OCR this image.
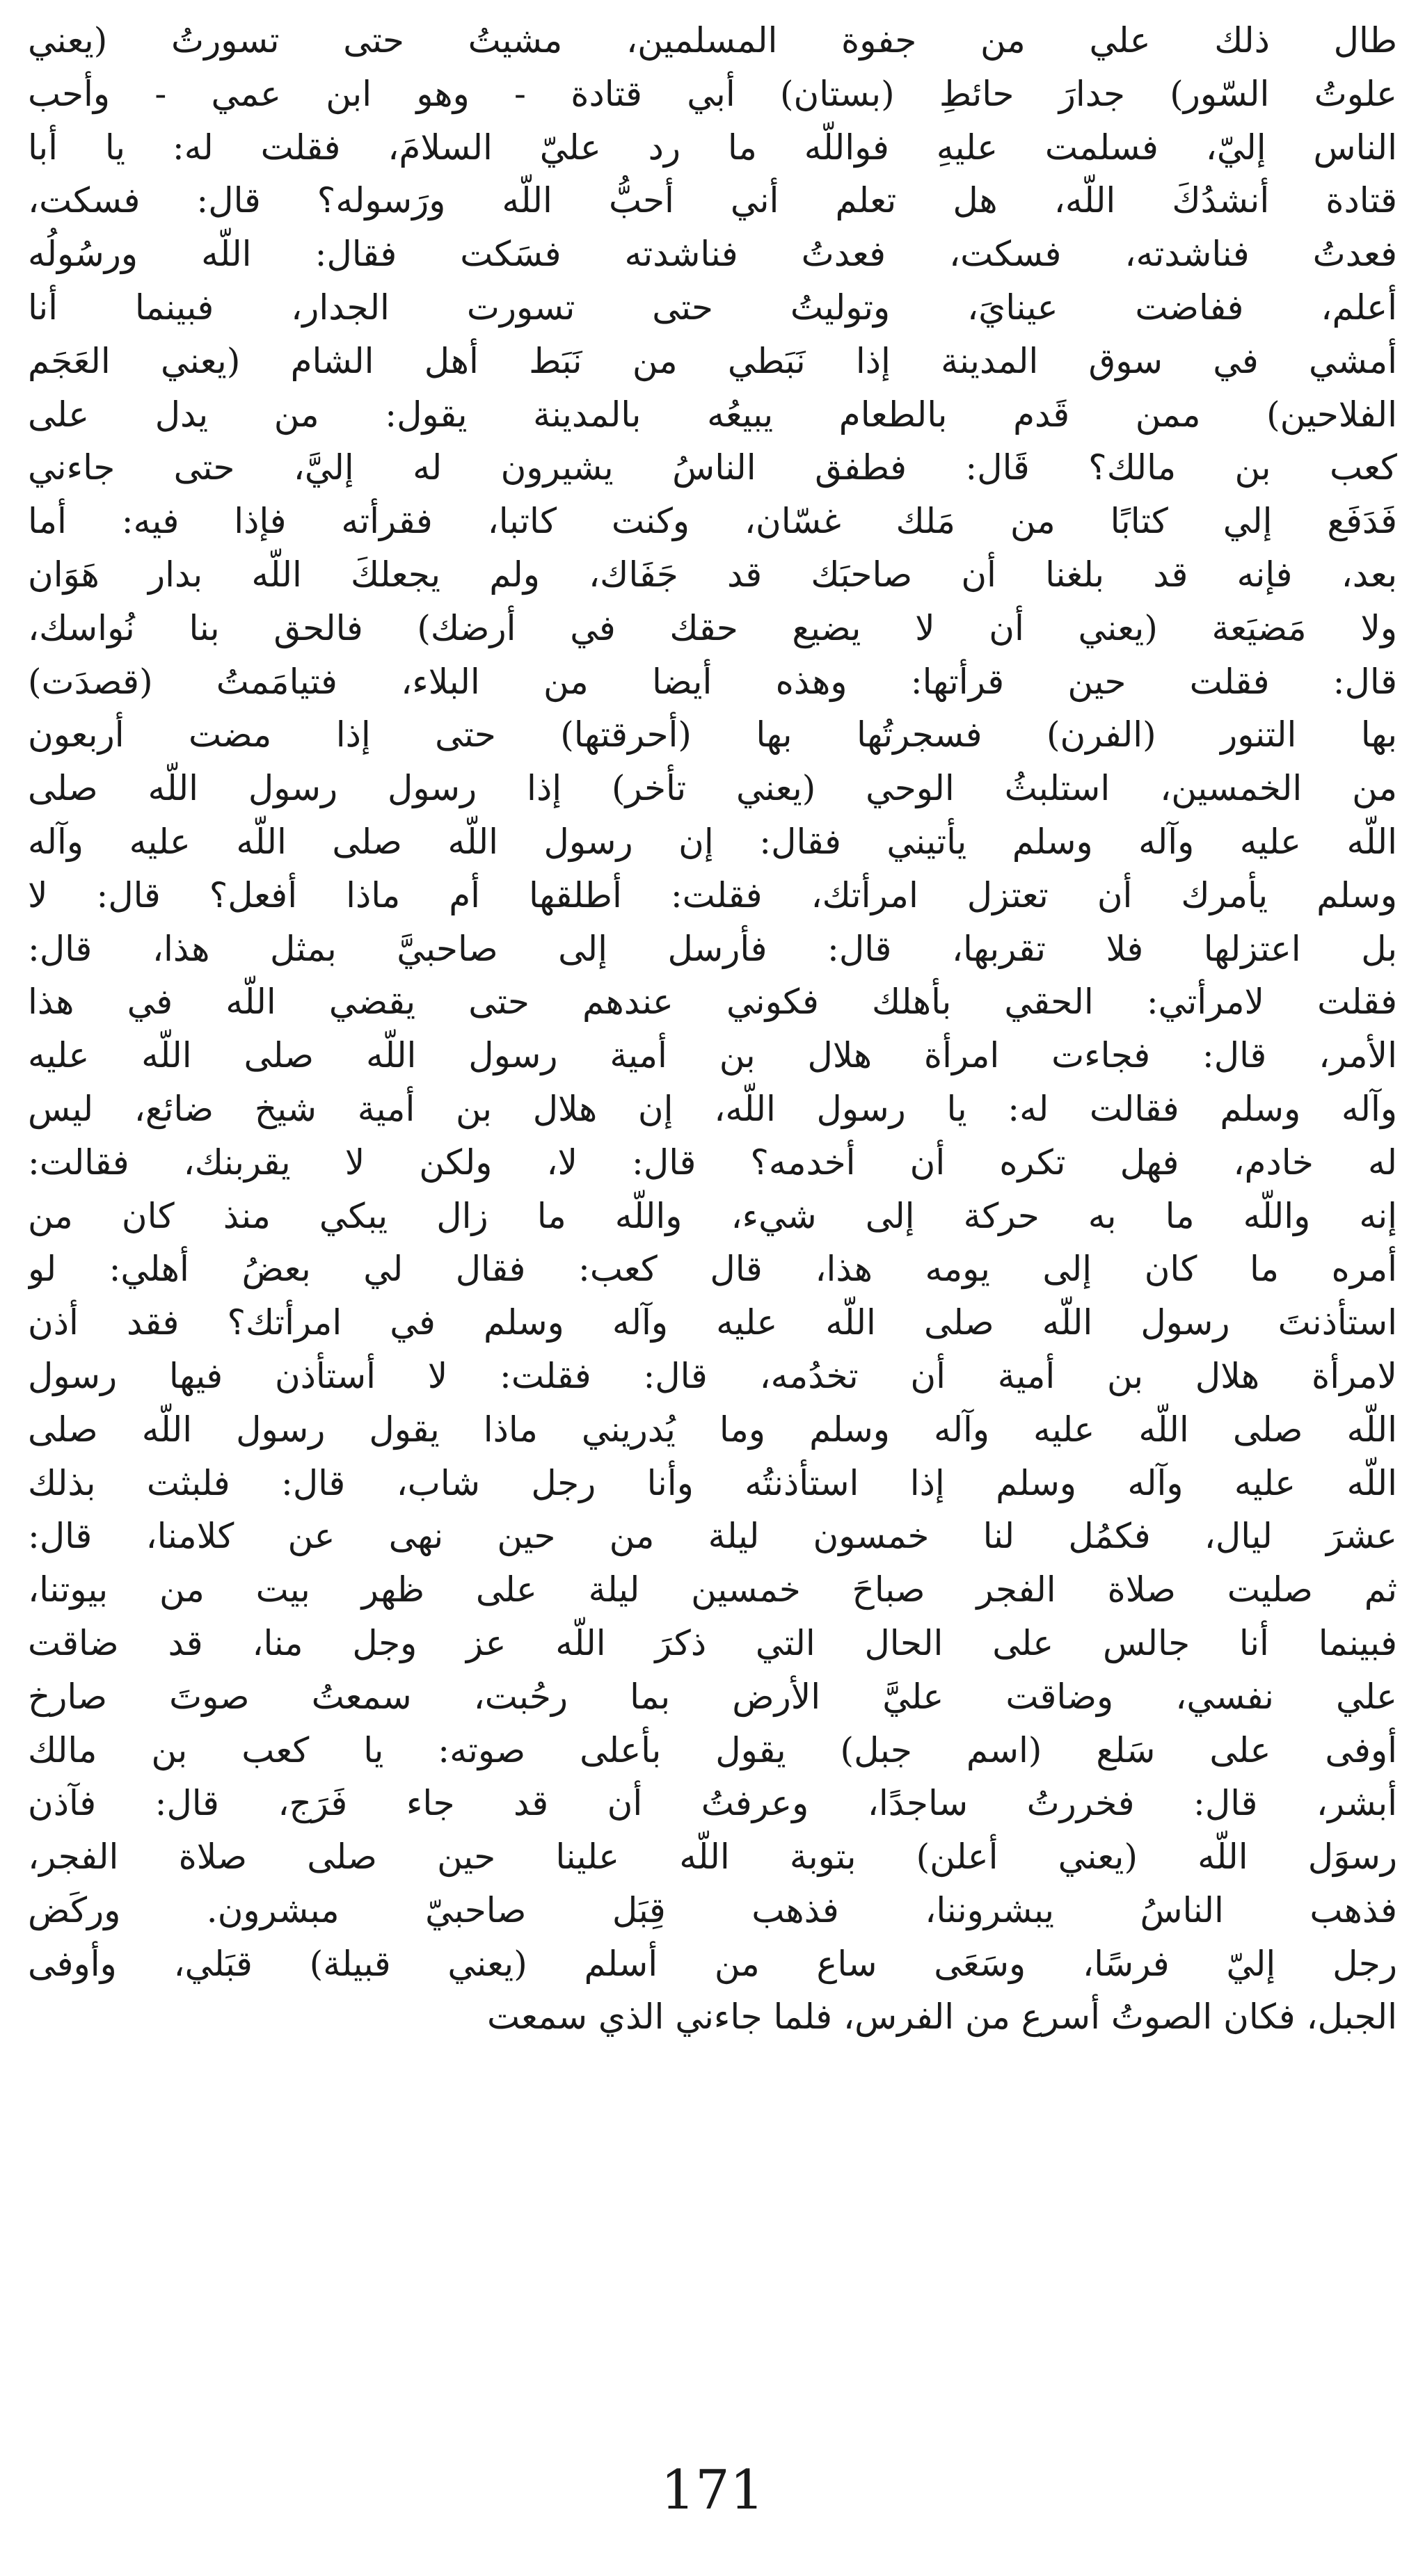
طال ذلك علي من جفوة المسلمين، مشيتُ حتى تسورتُ (يعني
علوتُ السّور) جدارَ حائطِ (بستان) أبي قتادة - وهو ابن عمي - وأحب
الناس إليّ، فسلمت عليهِ فواللّه ما رد عليّ السلامَ، فقلت له: يا أبا
قتادة أنشدُكَ اللّه، هل تعلم أني أحبُّ اللّه ورَسوله؟ قال: فسكت،
فعدتُ فناشدته، فسكت، فعدتُ فناشدته فسَكت فقال: اللّه ورسُولُه
أعلم، ففاضت عينايَ، وتوليتُ حتى تسورت الجدار، فبينما أنا
أمشي في سوق المدينة إذا نَبَطي من نَبَط أهل الشام (يعني العَجَم
الفلاحين) ممن قَدم بالطعام يبيعُه بالمدينة يقول: من يدل على
كعب بن مالك؟ قَال: فطفق الناسُ يشيرون له إليَّ، حتى جاءني
فَدَفَع إلي كتابًا من مَلك غسّان، وكنت كاتبا، فقرأته فإذا فيه: أما
بعد، فإنه قد بلغنا أن صاحبَك قد جَفَاك، ولم يجعلكَ اللّه بدار هَوَان
ولا مَضيَعة (يعني أن لا يضيع حقك في أرضك) فالحق بنا نُواسك،
قال: فقلت حين قرأتها: وهذه أيضا من البلاء، فتيامَمتُ (قصدَت)
بها التنور (الفرن) فسجرتُها بها (أحرقتها) حتى إذا مضت أربعون
من الخمسين، استلبثُ الوحي (يعني تأخر) إذا رسول رسول اللّه صلى
اللّه عليه وآله وسلم يأتيني فقال: إن رسول اللّه صلى اللّه عليه وآله
وسلم يأمرك أن تعتزل امرأتك، فقلت: أطلقها أم ماذا أفعل؟ قال: لا
بل اعتزلها فلا تقربها، قال: فأرسل إلى صاحبيَّ بمثل هذا، قال:
فقلت لامرأتي: الحقي بأهلك فكوني عندهم حتى يقضي اللّه في هذا
الأمر، قال: فجاءت امرأة هلال بن أمية رسول اللّه صلى اللّه عليه
وآله وسلم فقالت له: يا رسول اللّه، إن هلال بن أمية شيخ ضائع، ليس
له خادم، فهل تكره أن أخدمه؟ قال: لا، ولكن لا يقربنك، فقالت:
إنه واللّه ما به حركة إلى شيء، واللّه ما زال يبكي منذ كان من
أمره ما كان إلى يومه هذا، قال كعب: فقال لي بعضُ أهلي: لو
استأذنتَ رسول اللّه صلى اللّه عليه وآله وسلم في امرأتك؟ فقد أذن
لامرأة هلال بن أمية أن تخدُمه، قال: فقلت: لا أستأذن فيها رسول
اللّه صلى اللّه عليه وآله وسلم وما يُدريني ماذا يقول رسول اللّه صلى
اللّه عليه وآله وسلم إذا استأذنتُه وأنا رجل شاب، قال: فلبثت بذلك
عشرَ ليال، فكمُل لنا خمسون ليلة من حين نهى عن كلامنا، قال:
ثم صليت صلاة الفجر صباحَ خمسين ليلة على ظهر بيت من بيوتنا،
فبينما أنا جالس على الحال التي ذكرَ اللّه عز وجل منا، قد ضاقت
علي نفسي، وضاقت عليَّ الأرض بما رحُبت، سمعتُ صوتَ صارخ
أوفى على سَلع (اسم جبل) يقول بأعلى صوته: يا كعب بن مالك
أبشر، قال: فخررتُ ساجدًا، وعرفتُ أن قد جاء فَرَج، قال: فآذن
رسوَل اللّه (يعني أعلن) بتوبة اللّه علينا حين صلى صلاة الفجر،
فذهب الناسُ يبشروننا، فذهب قِبَل صاحبيّ مبشرون. وركَض
رجل إليّ فرسًا، وسَعَى ساع من أسلم (يعني قبيلة) قبَلي، وأوفى
الجبل، فكان الصوتُ أسرع من الفرس، فلما جاءني الذي سمعت
171
